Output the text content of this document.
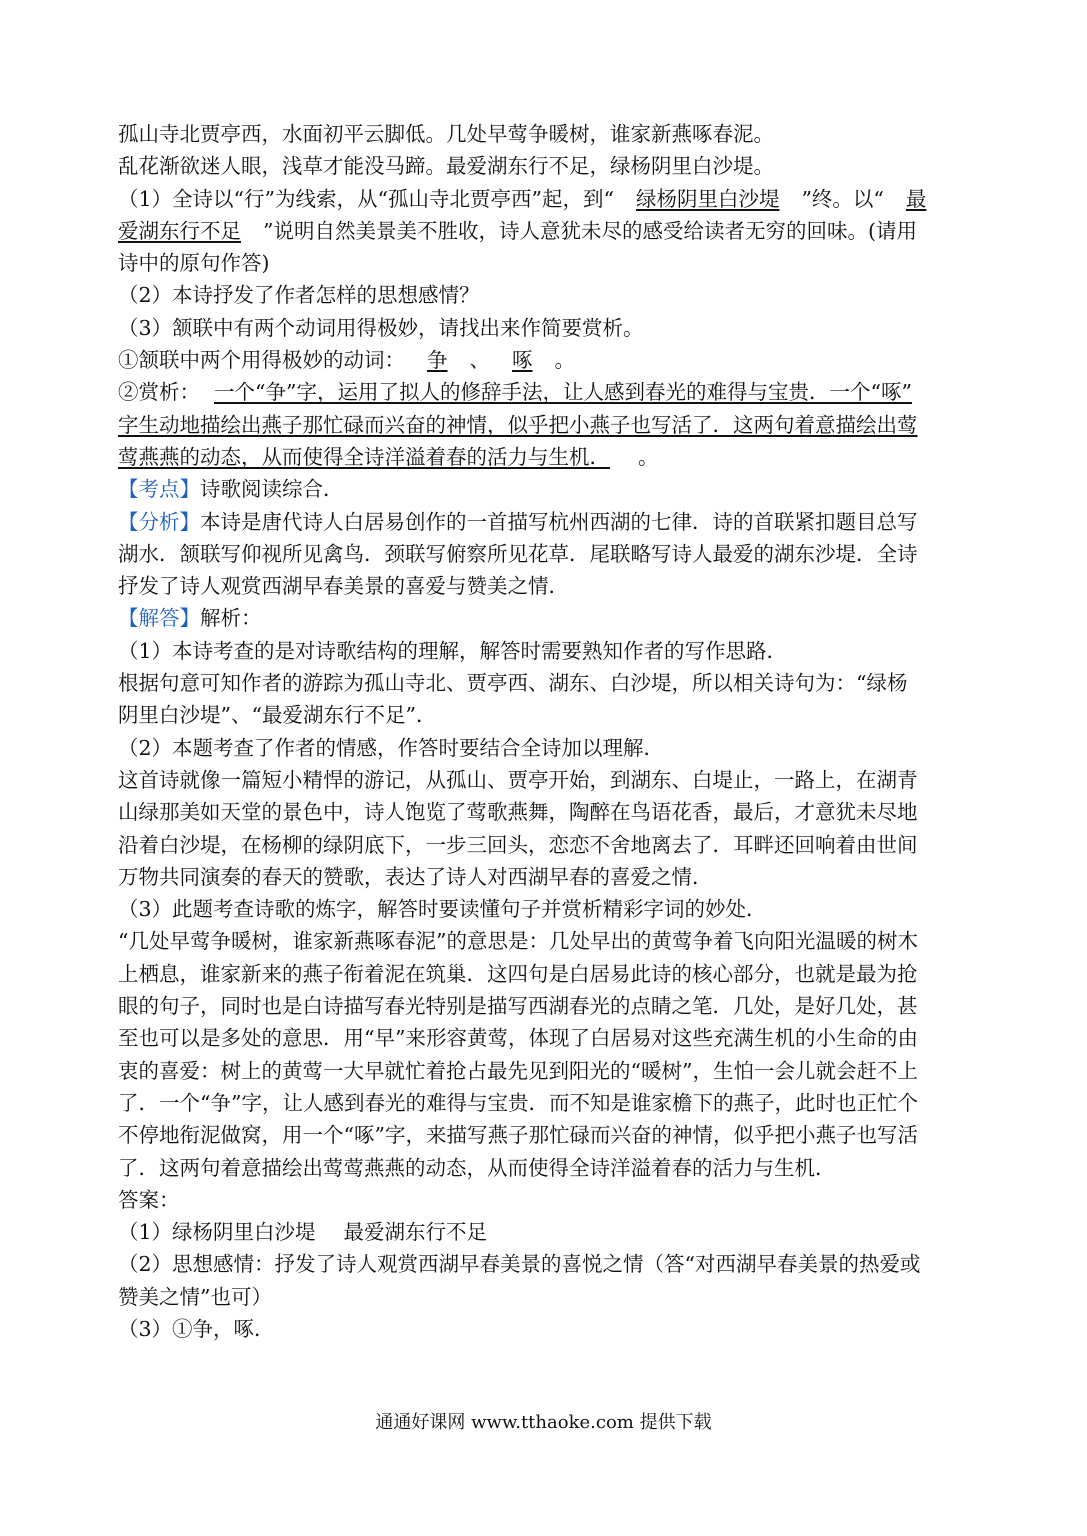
孤山寺北贾亭西，水面初平云脚低。几处早莺争暖树，谁家新燕啄春泥。
乱花渐欲迷人眼，浅草才能没马蹄。最爱湖东行不足，绿杨阴里白沙堤。
（1）全诗以“行”为线索，从“孤山寺北贾亭西”起，到“ 绿杨阴里白沙堤 ”终。以“ 最
爱湖东行不足 ”说明自然美景美不胜收，诗人意犹未尽的感受给读者无穷的回味。(请用
诗中的原句作答)
（2）本诗抒发了作者怎样的思想感情？
（3）颔联中有两个动词用得极妙，请找出来作简要赏析。
①颔联中两个用得极妙的动词： 争 、 啄 。
②赏析： 一个“争”字，运用了拟人的修辞手法，让人感到春光的难得与宝贵．一个“啄”
字生动地描绘出燕子那忙碌而兴奋的神情，似乎把小燕子也写活了．这两句着意描绘出莺
莺燕燕的动态，从而使得全诗洋溢着春的活力与生机． 。
【考点】诗歌阅读综合．
【分析】本诗是唐代诗人白居易创作的一首描写杭州西湖的七律．诗的首联紧扣题目总写
湖水．颔联写仰视所见禽鸟．颈联写俯察所见花草．尾联略写诗人最爱的湖东沙堤．全诗
抒发了诗人观赏西湖早春美景的喜爱与赞美之情．
【解答】解析：
（1）本诗考查的是对诗歌结构的理解，解答时需要熟知作者的写作思路．
根据句意可知作者的游踪为孤山寺北、贾亭西、湖东、白沙堤，所以相关诗句为：“绿杨
阴里白沙堤”、“最爱湖东行不足”．
（2）本题考查了作者的情感，作答时要结合全诗加以理解．
这首诗就像一篇短小精悍的游记，从孤山、贾亭开始，到湖东、白堤止，一路上，在湖青
山绿那美如天堂的景色中，诗人饱览了莺歌燕舞，陶醉在鸟语花香，最后，才意犹未尽地
沿着白沙堤，在杨柳的绿阴底下，一步三回头，恋恋不舍地离去了．耳畔还回响着由世间
万物共同演奏的春天的赞歌，表达了诗人对西湖早春的喜爱之情．
（3）此题考查诗歌的炼字，解答时要读懂句子并赏析精彩字词的妙处．
“几处早莺争暖树，谁家新燕啄春泥”的意思是：几处早出的黄莺争着飞向阳光温暖的树木
上栖息，谁家新来的燕子衔着泥在筑巢．这四句是白居易此诗的核心部分，也就是最为抢
眼的句子，同时也是白诗描写春光特别是描写西湖春光的点睛之笔．几处，是好几处，甚
至也可以是多处的意思．用“早”来形容黄莺，体现了白居易对这些充满生机的小生命的由
衷的喜爱：树上的黄莺一大早就忙着抢占最先见到阳光的“暖树”，生怕一会儿就会赶不上
了．一个“争”字，让人感到春光的难得与宝贵．而不知是谁家檐下的燕子，此时也正忙个
不停地衔泥做窝，用一个“啄”字，来描写燕子那忙碌而兴奋的神情，似乎把小燕子也写活
了．这两句着意描绘出莺莺燕燕的动态，从而使得全诗洋溢着春的活力与生机．
答案：
（1）绿杨阴里白沙堤 最爱湖东行不足
（2）思想感情：抒发了诗人观赏西湖早春美景的喜悦之情（答“对西湖早春美景的热爱或
赞美之情”也可）
（3）①争，啄．
通通好课网 www.tthaoke.com 提供下载
